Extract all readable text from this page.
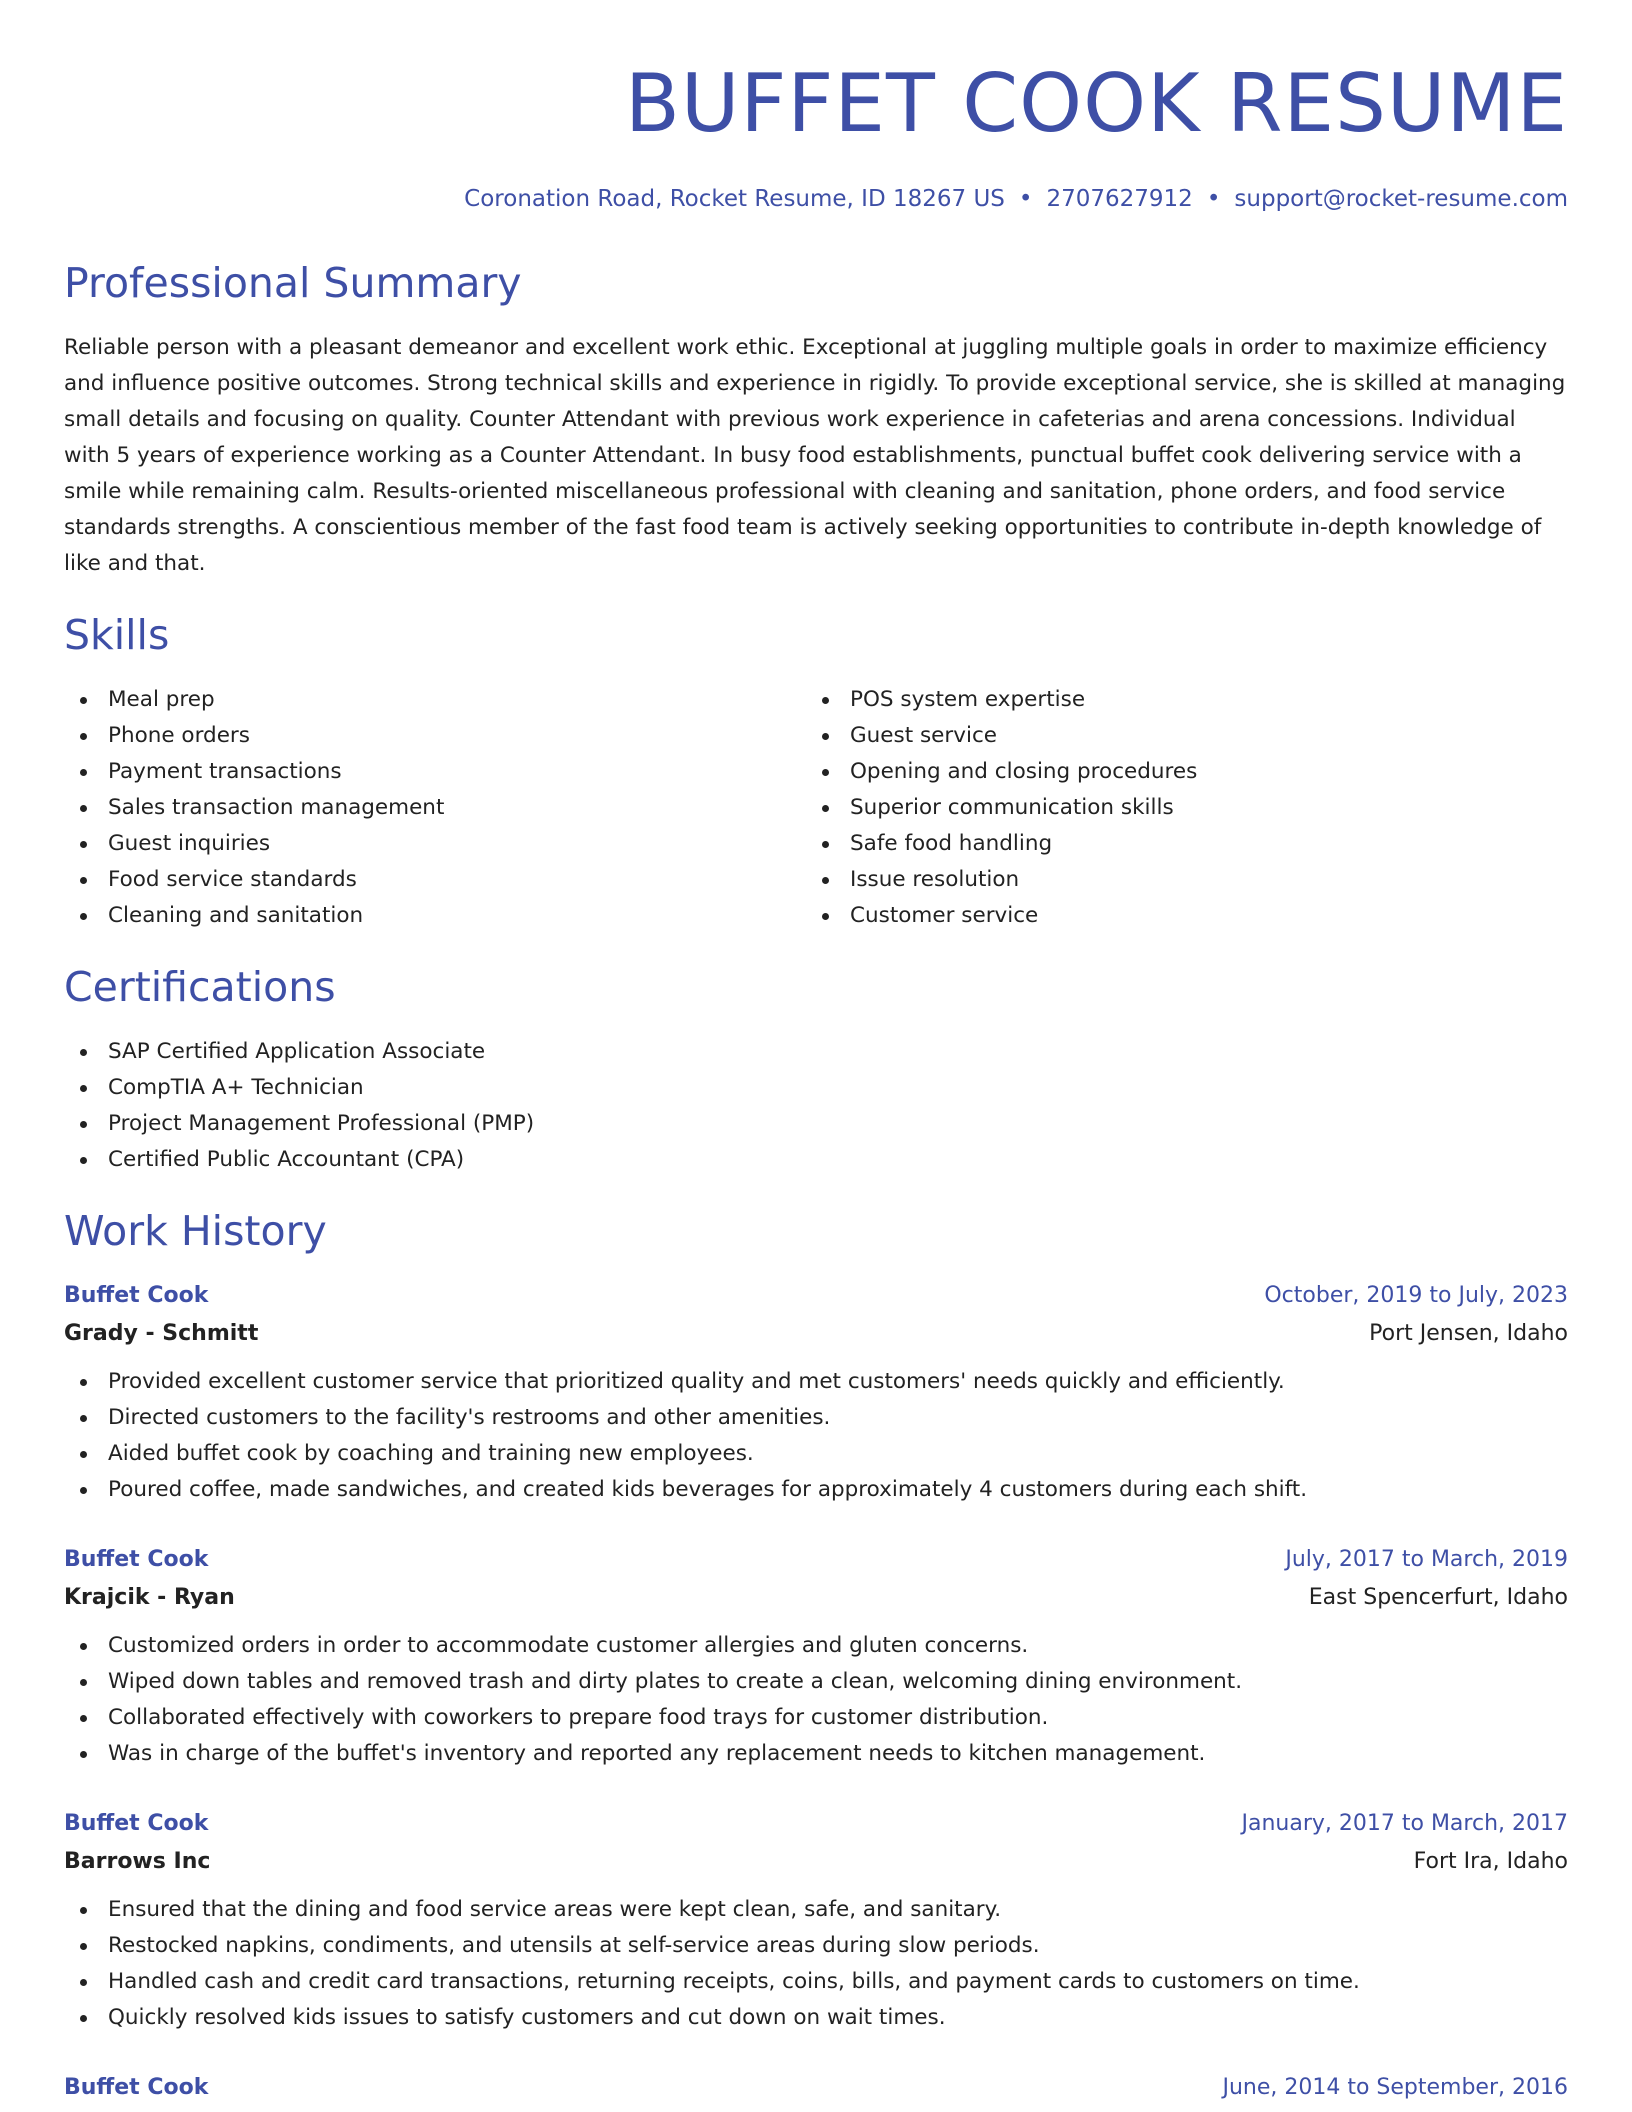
BUFFET COOK RESUME
Coronation Road, Rocket Resume, ID 18267 US • 2707627912 • support@rocket-resume.com
Professional Summary

Reliable person with a pleasant demeanor and excellent work ethic. Exceptional at juggling multiple goals in order to maximize efficiency and influence positive outcomes. Strong technical skills and experience in rigidly. To provide exceptional service, she is skilled at managing small details and focusing on quality. Counter Attendant with previous work experience in cafeterias and arena concessions. Individual with 5 years of experience working as a Counter Attendant. In busy food establishments, punctual buffet cook delivering service with a smile while remaining calm. Results-oriented miscellaneous professional with cleaning and sanitation, phone orders, and food service standards strengths. A conscientious member of the fast food team is actively seeking opportunities to contribute in-depth knowledge of like and that.

Skills
Meal prep
Phone orders
Payment transactions
Sales transaction management
Guest inquiries
Food service standards
Cleaning and sanitation
POS system expertise
Guest service
Opening and closing procedures
Superior communication skills
Safe food handling
Issue resolution
Customer service
Certifications
SAP Certified Application Associate
CompTIA A+ Technician
Project Management Professional (PMP)
Certified Public Accountant (CPA)
Work History
Buffet Cook	October, 2019 to July, 2023
Grady - Schmitt	Port Jensen, Idaho
Provided excellent customer service that prioritized quality and met customers' needs quickly and efficiently.
Directed customers to the facility's restrooms and other amenities.
Aided buffet cook by coaching and training new employees.
Poured coffee, made sandwiches, and created kids beverages for approximately 4 customers during each shift.
Buffet Cook	July, 2017 to March, 2019
Krajcik - Ryan	East Spencerfurt, Idaho
Customized orders in order to accommodate customer allergies and gluten concerns.
Wiped down tables and removed trash and dirty plates to create a clean, welcoming dining environment.
Collaborated effectively with coworkers to prepare food trays for customer distribution.
Was in charge of the buffet's inventory and reported any replacement needs to kitchen management.
Buffet Cook	January, 2017 to March, 2017
Barrows Inc	Fort Ira, Idaho
Ensured that the dining and food service areas were kept clean, safe, and sanitary.
Restocked napkins, condiments, and utensils at self-service areas during slow periods.
Handled cash and credit card transactions, returning receipts, coins, bills, and payment cards to customers on time.
Quickly resolved kids issues to satisfy customers and cut down on wait times.
Buffet Cook	June, 2014 to September, 2016
